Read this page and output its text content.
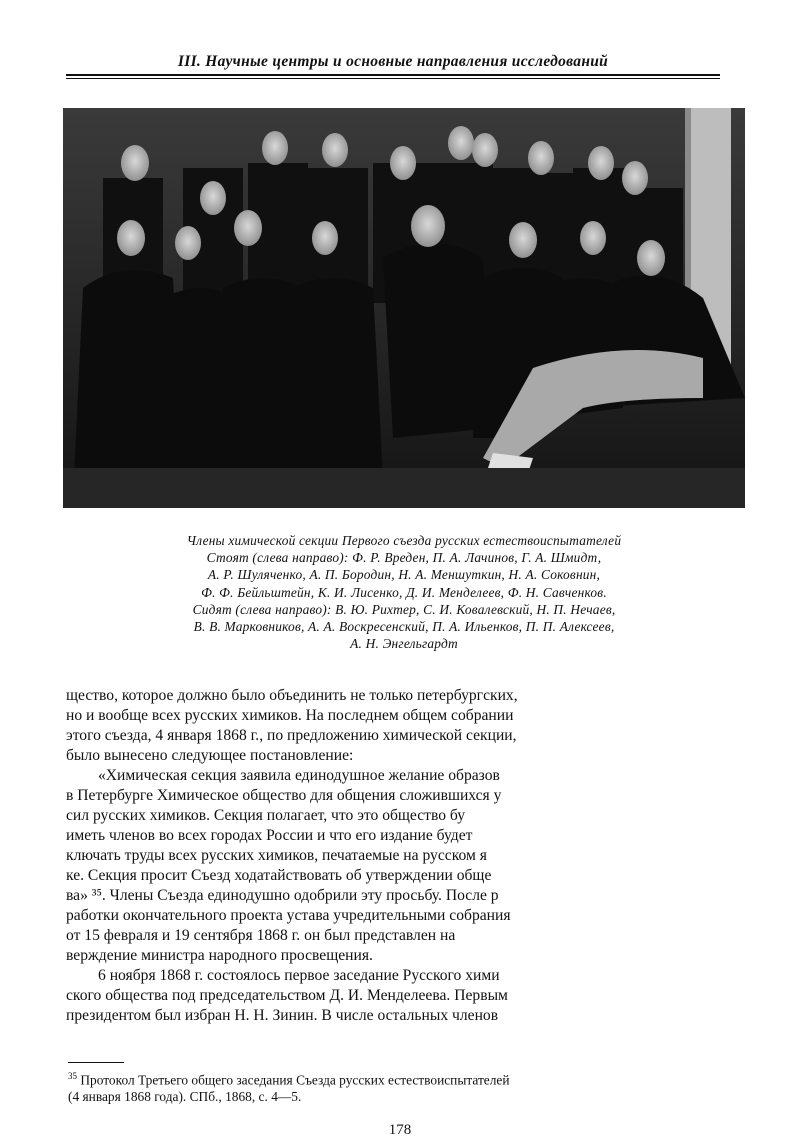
III. Научные центры и основные направления исследований
Члены химической секции Первого съезда русских естествоиспытателей
Стоят (слева направо): Ф. Р. Вреден, П. А. Лачинов, Г. А. Шмидт,
А. Р. Шуляченко, А. П. Бородин, Н. А. Меншуткин, Н. А. Соковнин,
Ф. Ф. Бейльштейн, К. И. Лисенко, Д. И. Менделеев, Ф. Н. Савченков.
Сидят (слева направо): В. Ю. Рихтер, С. И. Ковалевский, Н. П. Нечаев,
В. В. Марковников, А. А. Воскресенский, П. А. Ильенков, П. П. Алексеев,
А. Н. Энгельгардт
щество, которое должно было объединить не только петербургских,
но и вообще всех русских химиков. На последнем общем собрании
этого съезда, 4 января 1868 г., по предложению химической секции,
было вынесено следующее постановление:
«Химическая секция заявила единодушное желание образов
в Петербурге Химическое общество для общения сложившихся у
сил русских химиков. Секция полагает, что это общество бу
иметь членов во всех городах России и что его издание будет
ключать труды всех русских химиков, печатаемые на русском я
ке. Секция просит Съезд ходатайствовать об утверждении обще
ва» ³⁵. Члены Съезда единодушно одобрили эту просьбу. После р
работки окончательного проекта устава учредительными собрания
от 15 февраля и 19 сентября 1868 г. он был представлен на
верждение министра народного просвещения.
6 ноября 1868 г. состоялось первое заседание Русского хими
ского общества под председательством Д. И. Менделеева. Первым
президентом был избран Н. Н. Зинин. В числе остальных членов
$^{35}$ Протокол Третьего общего заседания Съезда русских естествоиспытателей
(4 января 1868 года). СПб., 1868, с. 4—5.
178
